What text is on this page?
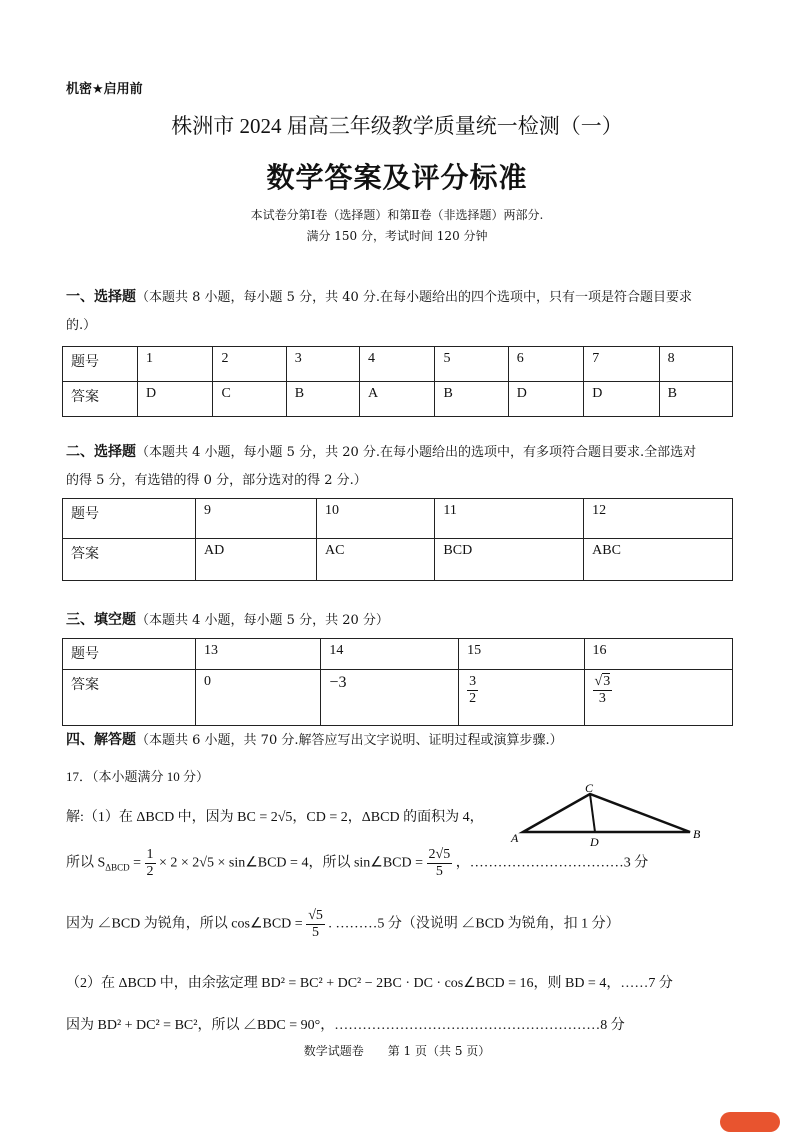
机密★启用前
株洲市 2024 届高三年级教学质量统一检测（一）
数学答案及评分标准
本试卷分第Ⅰ卷（选择题）和第Ⅱ卷（非选择题）两部分.
满分 150 分，考试时间 120 分钟
一、选择题（本题共 8 小题，每小题 5 分，共 40 分.在每小题给出的四个选项中，只有一项是符合题目要求
的.）
题号	1	2	3	4	5	6	7	8
答案	D	C	B	A	B	D	D	B
二、选择题（本题共 4 小题，每小题 5 分，共 20 分.在每小题给出的选项中，有多项符合题目要求.全部选对
的得 5 分，有选错的得 0 分，部分选对的得 2 分.）
题号	9	10	11	12
答案	AD	AC	BCD	ABC
三、填空题（本题共 4 小题，每小题 5 分，共 20 分）
题号	13	14	15	16
答案	0	−3	$\frac{3}{2}$	$\frac{√3}{3}$
四、解答题（本题共 6 小题，共 70 分.解答应写出文字说明、证明过程或演算步骤.）
17．（本小题满分 10 分）
A
C
D
B
解:（1）在 ΔBCD 中，因为 BC = 2√5，CD = 2，ΔBCD 的面积为 4，
所以 $S_{\Delta BCD} = \frac{1}{2} \times 2 \times 2√5$ × sin∠BCD = 4，所以 sin∠BCD = $\frac{2√5}{5}$ ，……………………………3 分
因为 ∠BCD 为锐角，所以 cos∠BCD = $\frac{√5}{5}$ . ………5 分（没说明 ∠BCD 为锐角，扣 1 分）
（2）在 ΔBCD 中，由余弦定理 BD² = BC² + DC² − 2BC · DC · cos∠BCD = 16，则 BD = 4，……7 分
因为 BD² + DC² = BC²，所以 ∠BDC = 90°，…………………………………………………8 分
数学试题卷　　第 1 页（共 5 页）
